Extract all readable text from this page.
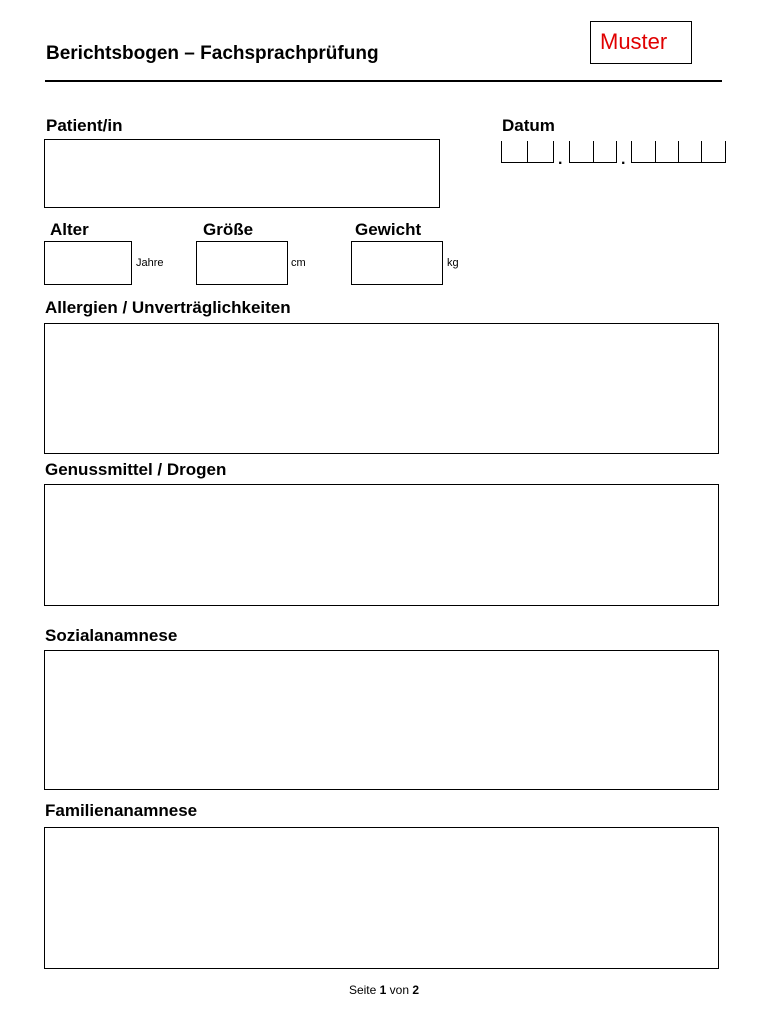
Berichtsbogen – Fachsprachprüfung	Muster
Patient/in	Datum
.	.
Alter
Jahre
Größe
cm
Gewicht
kg
Allergien / Unverträglichkeiten
Genussmittel / Drogen
Sozialanamnese
Familienanamnese
Seite 1 von 2
